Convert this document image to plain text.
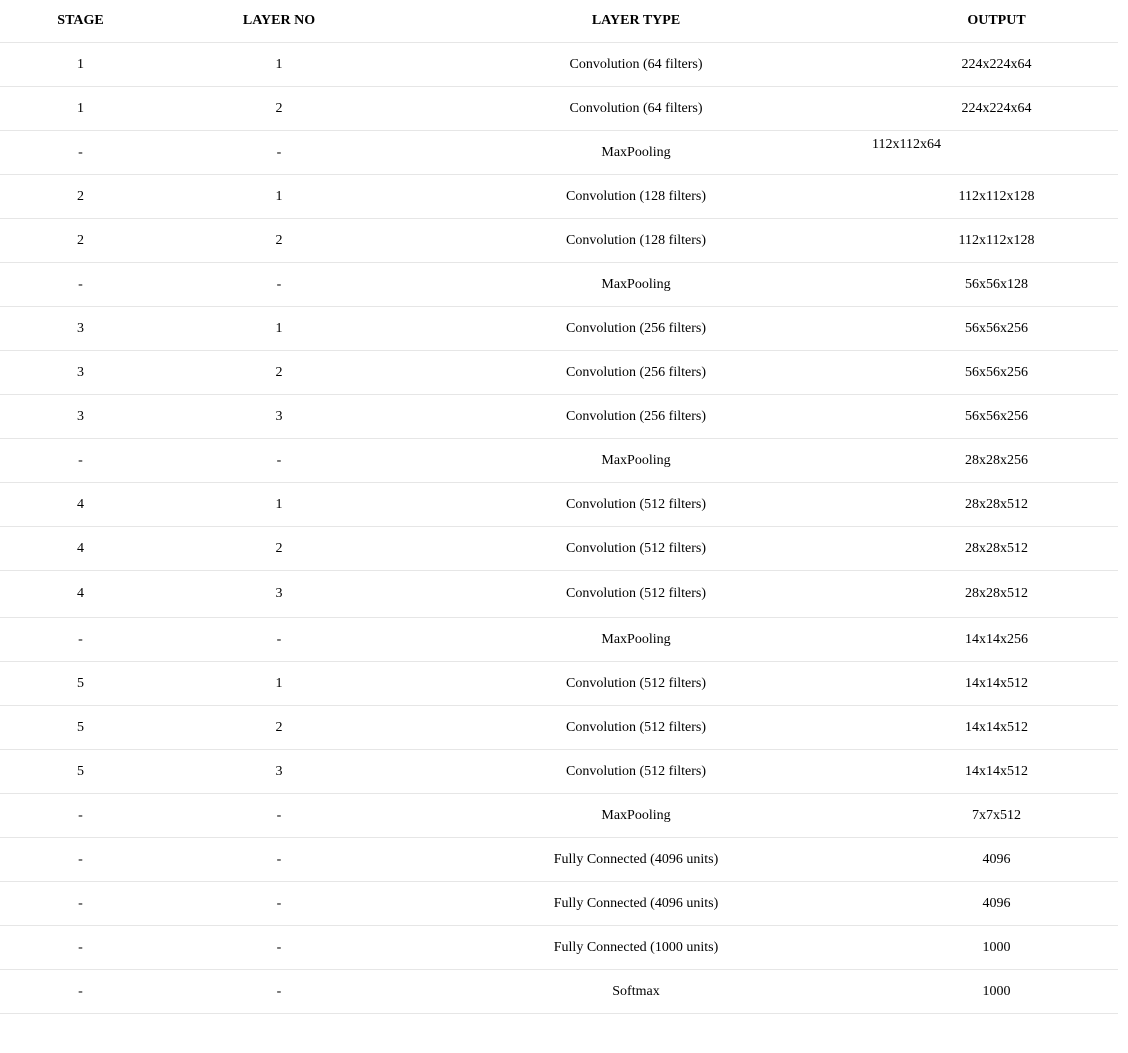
STAGE	LAYER NO	LAYER TYPE	OUTPUT
1	1	Convolution (64 filters)	224x224x64
1	2	Convolution (64 filters)	224x224x64
-	-	MaxPooling	112x112x64

2	1	Convolution (128 filters)	112x112x128
2	2	Convolution (128 filters)	112x112x128
-	-	MaxPooling	56x56x128
3	1	Convolution (256 filters)	56x56x256
3	2	Convolution (256 filters)	56x56x256
3	3	Convolution (256 filters)	56x56x256
-	-	MaxPooling	28x28x256
4	1	Convolution (512 filters)	28x28x512
4	2	Convolution (512 filters)	28x28x512
4	3	Convolution (512 filters)	28x28x512
-	-	MaxPooling	14x14x256
5	1	Convolution (512 filters)	14x14x512
5	2	Convolution (512 filters)	14x14x512
5	3	Convolution (512 filters)	14x14x512
-	-	MaxPooling	7x7x512
-	-	Fully Connected (4096 units)	4096
-	-	Fully Connected (4096 units)	4096
-	-	Fully Connected (1000 units)	1000
-	-	Softmax	1000
